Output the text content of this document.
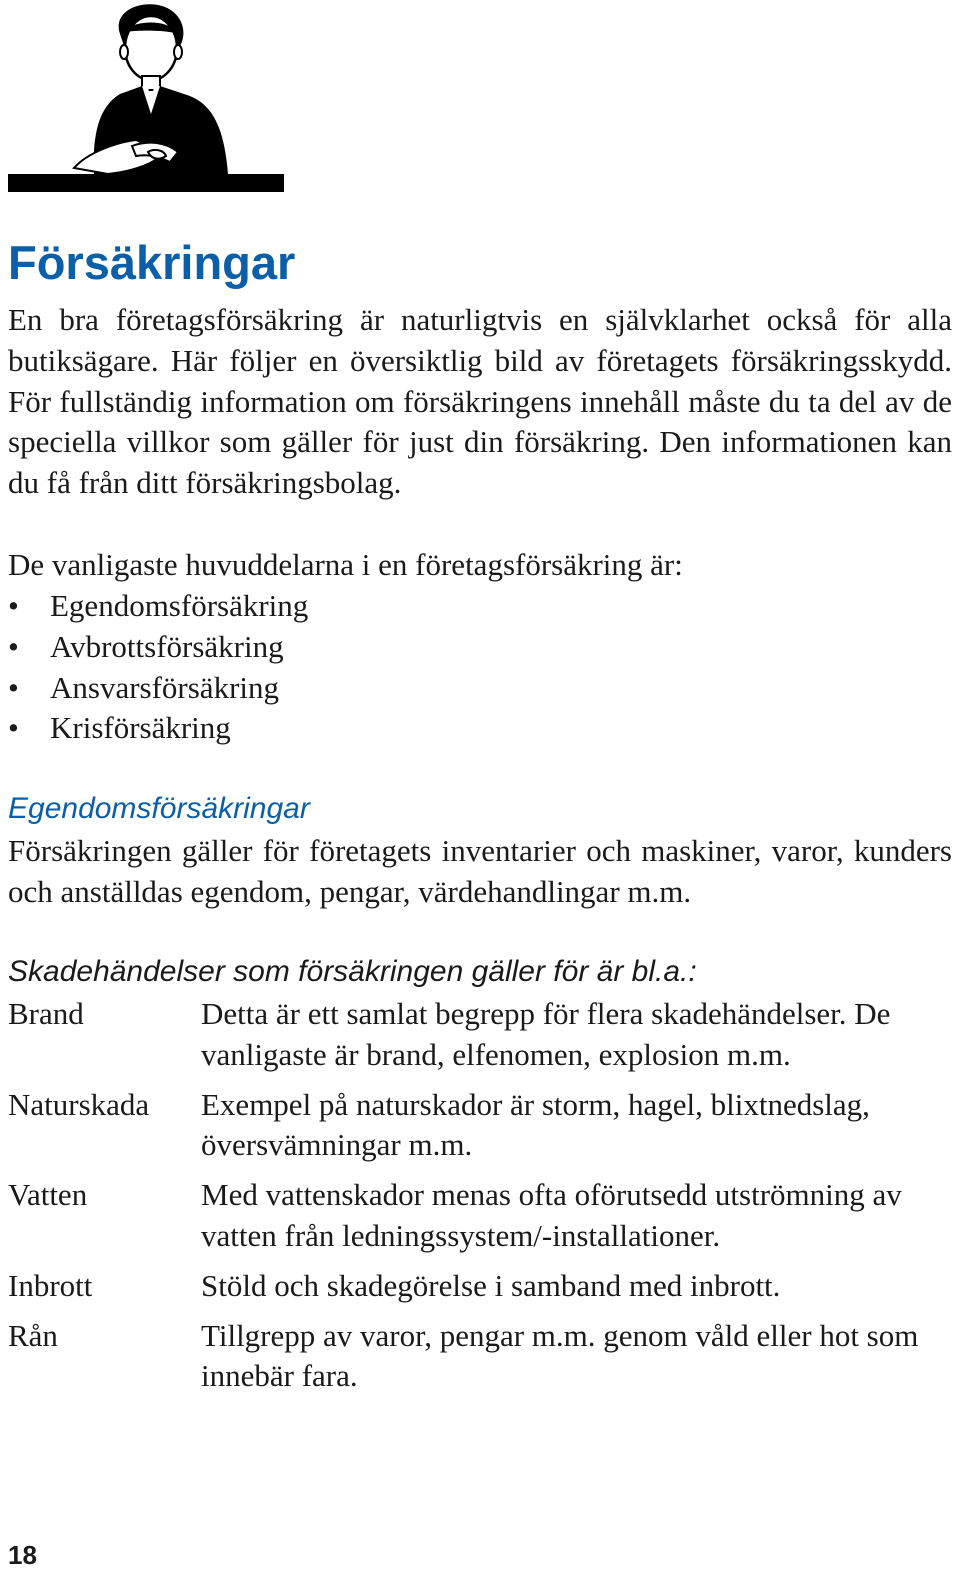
Försäkringar

En bra företagsförsäkring är naturligtvis en självklarhet också för alla butiksägare. Här följer en översiktlig bild av företagets försäkringsskydd. För fullständig information om försäkringens innehåll måste du ta del av de speciella villkor som gäller för just din försäkring. Den informationen kan du få från ditt försäkringsbolag.

De vanligaste huvuddelarna i en företagsförsäkring är:

• Egendomsförsäkring
• Avbrottsförsäkring
• Ansvarsförsäkring
• Krisförsäkring
Egendomsförsäkringar

Försäkringen gäller för företagets inventarier och maskiner, varor, kunders och anställdas egendom, pengar, värdehandlingar m.m.

Skadehändelser som försäkringen gäller för är bl.a.:
Brand	Detta är ett samlat begrepp för flera skadehändelser. De vanligaste är brand, elfenomen, explosion m.m.
Naturskada	Exempel på naturskador är storm, hagel, blixtnedslag, översvämningar m.m.
Vatten	Med vattenskador menas ofta oförutsedd utströmning av vatten från ledningssystem/-installationer.
Inbrott	Stöld och skadegörelse i samband med inbrott.
Rån	Tillgrepp av varor, pengar m.m. genom våld eller hot som innebär fara.
18
